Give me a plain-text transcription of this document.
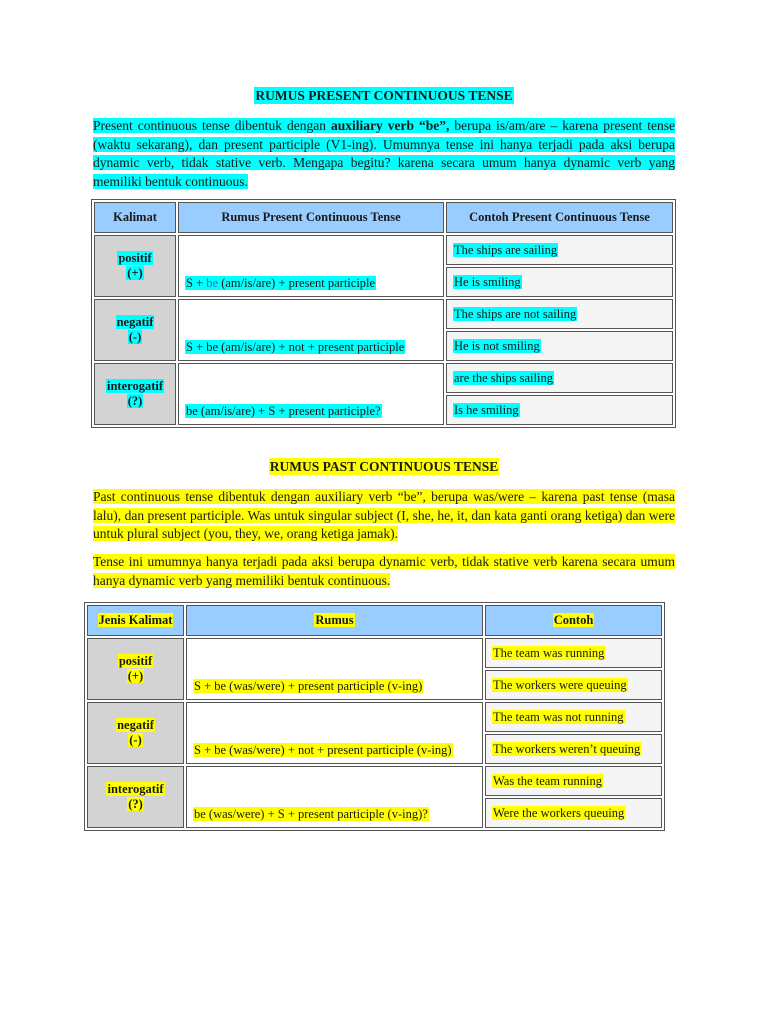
RUMUS PRESENT CONTINUOUS TENSE
Present continuous tense dibentuk dengan auxiliary verb “be”, berupa is/am/are – karena present tense (waktu sekarang), dan present participle (V1-ing). Umumnya tense ini hanya terjadi pada aksi berupa dynamic verb, tidak stative verb. Mengapa begitu? karena secara umum hanya dynamic verb yang memiliki bentuk continuous.
Kalimat	Rumus Present Continuous Tense	Contoh Present Continuous Tense
positif
(+)	S + be (am/is/are) + present participle	The ships are sailing
		He is smiling
negatif
(-)	S + be (am/is/are) + not + present participle	The ships are not sailing
		He is not smiling
interogatif
(?)	be (am/is/are) + S + present participle?	are the ships sailing
		Is he smiling
RUMUS PAST CONTINUOUS TENSE
Past continuous tense dibentuk dengan auxiliary verb “be”, berupa was/were – karena past tense (masa lalu), dan present participle. Was untuk singular subject (I, she, he, it, dan kata ganti orang ketiga) dan were untuk plural subject (you, they, we, orang ketiga jamak).
Tense ini umumnya hanya terjadi pada aksi berupa dynamic verb, tidak stative verb karena secara umum hanya dynamic verb yang memiliki bentuk continuous.
Jenis Kalimat	Rumus	Contoh
positif
(+)	S + be (was/were) + present participle (v-ing)	The team was running
		The workers were queuing
negatif
(-)	S + be (was/were) + not + present participle (v-ing)	The team was not running
		The workers weren’t queuing
interogatif
(?)	be (was/were) + S + present participle (v-ing)?	Was the team running
		Were the workers queuing
